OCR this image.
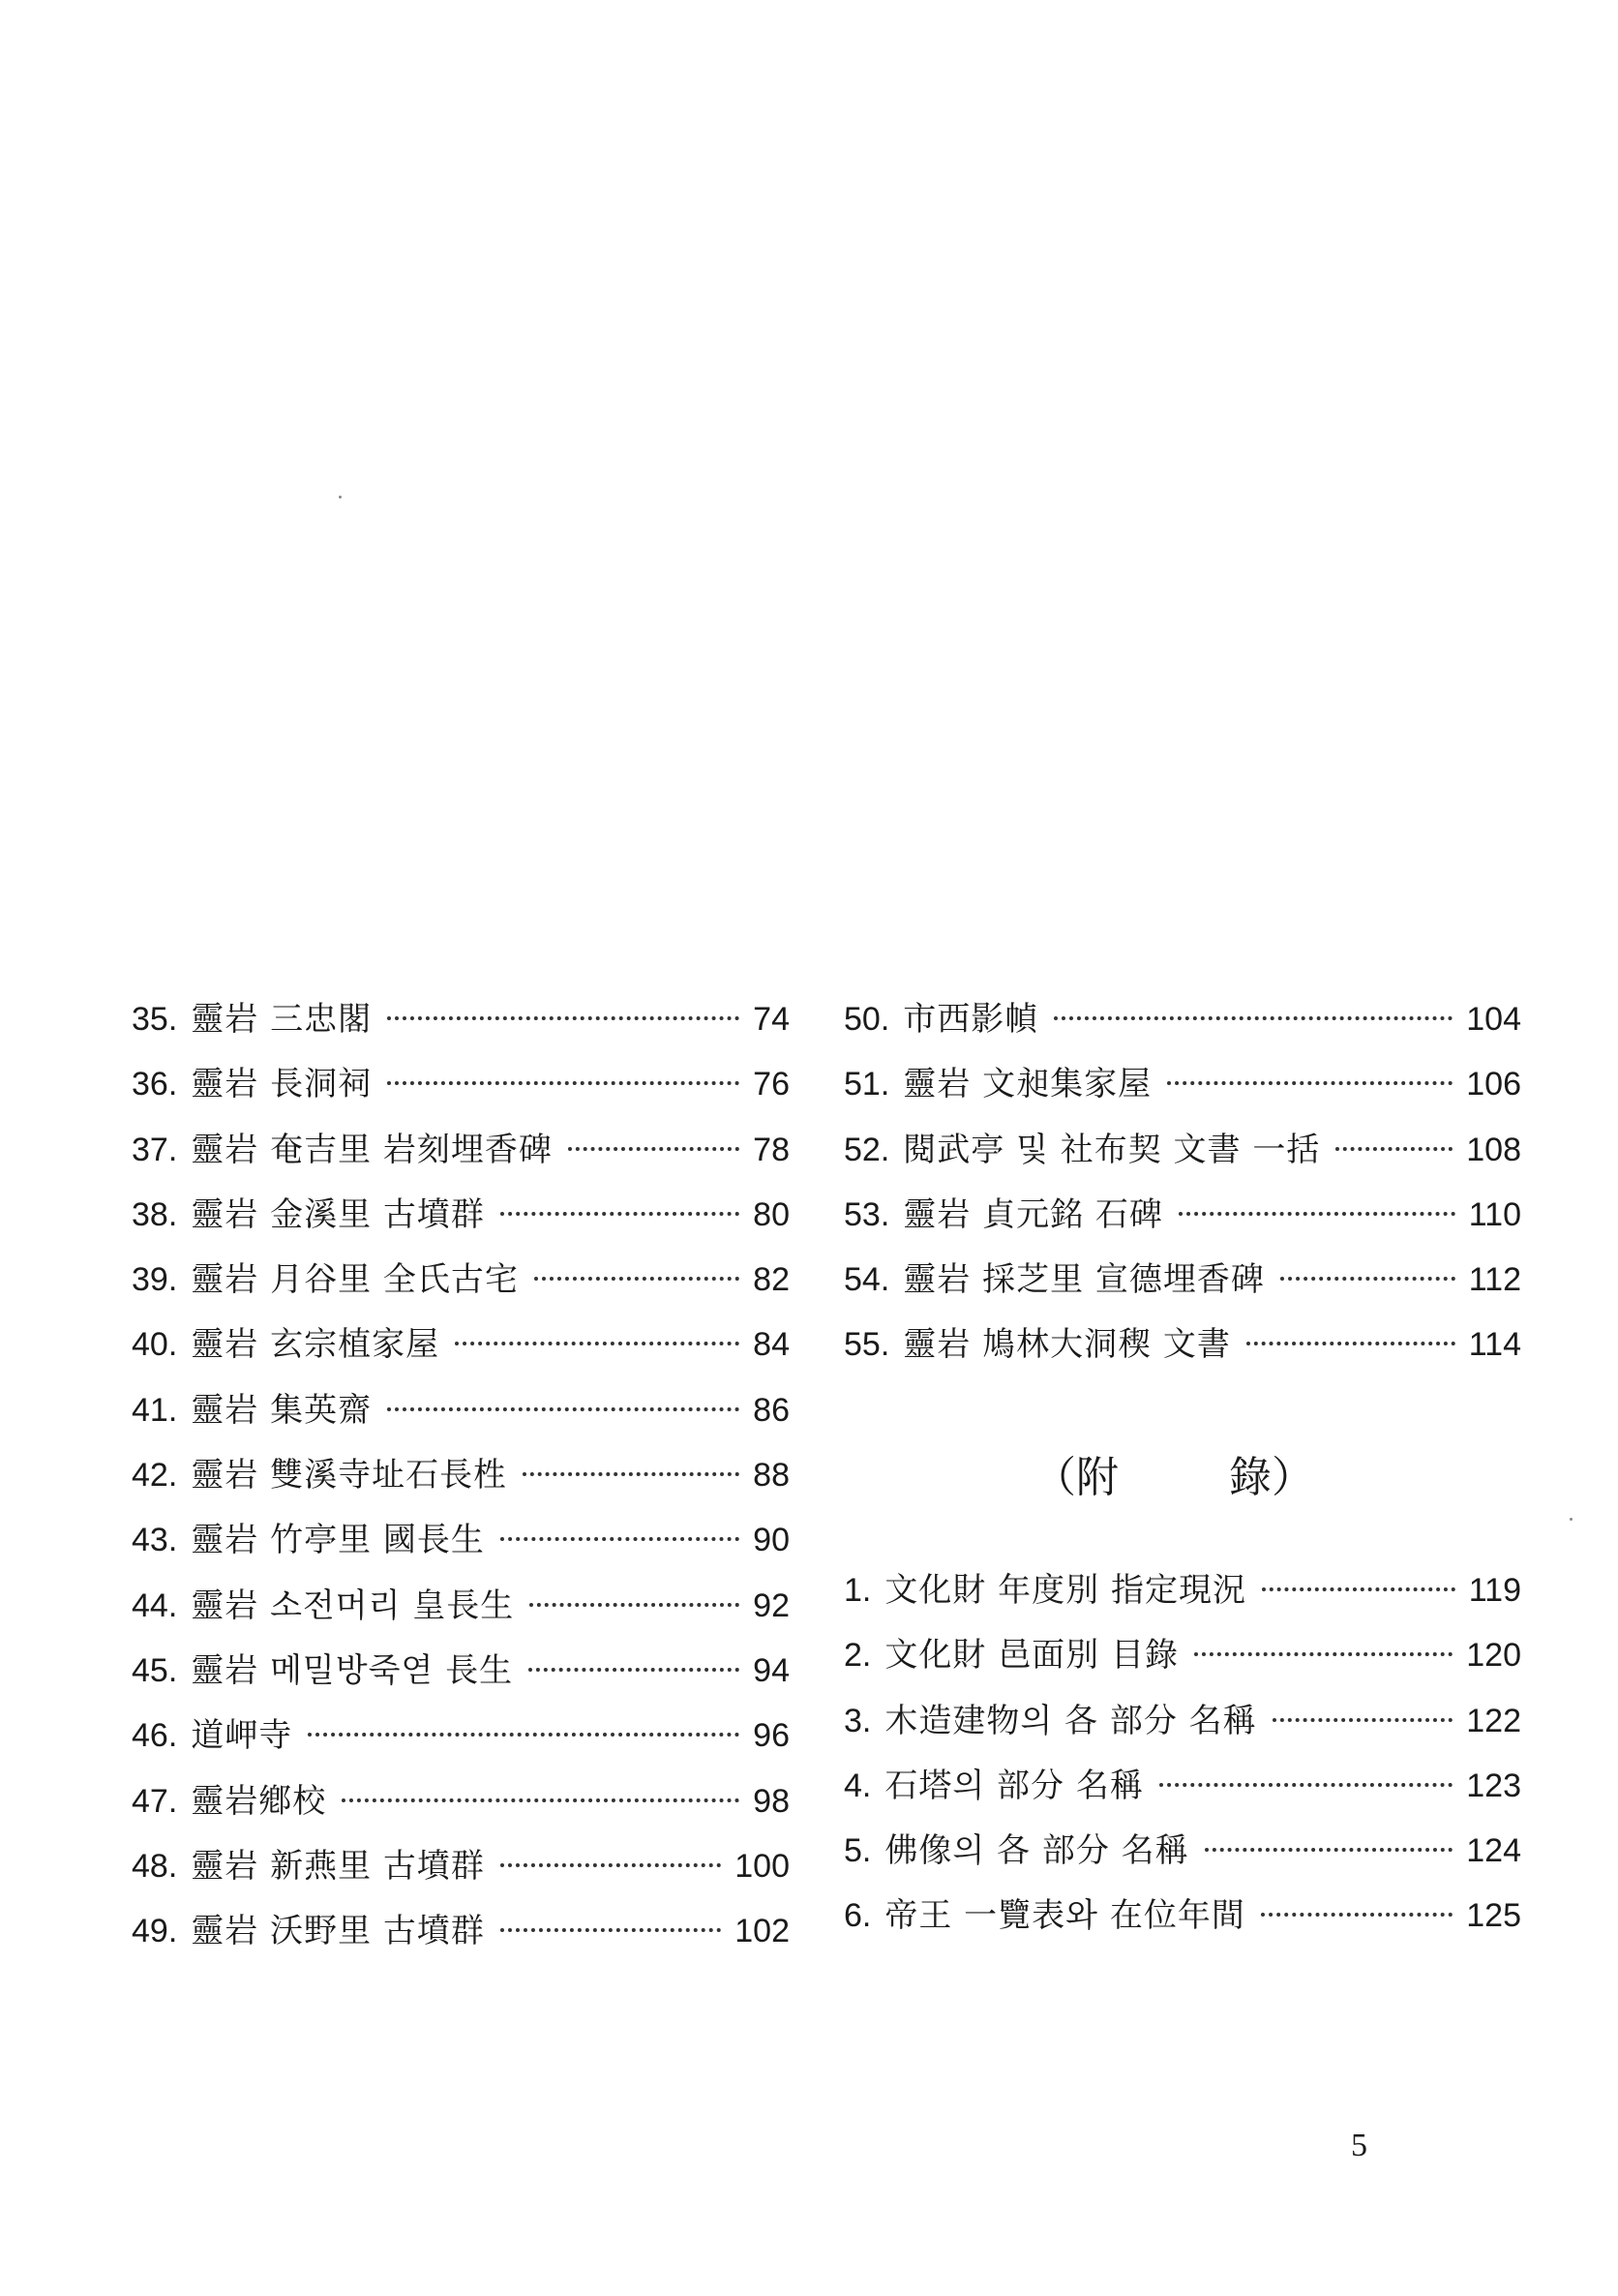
35. 靈岩 三忠閣	74
36. 靈岩 長洞祠	76
37. 靈岩 奄吉里 岩刻埋香碑	78
38. 靈岩 金溪里 古墳群	80
39. 靈岩 月谷里 全氏古宅	82
40. 靈岩 玄宗植家屋	84
41. 靈岩 集英齋	86
42. 靈岩 雙溪寺址石長栍	88
43. 靈岩 竹亭里 國長生	90
44. 靈岩 소전머리 皇長生	92
45. 靈岩 메밀방죽엳 長生	94
46. 道岬寺	96
47. 靈岩鄕校	98
48. 靈岩 新燕里 古墳群	100
49. 靈岩 沃野里 古墳群	102
50. 市西影幀	104
51. 靈岩 文昶集家屋	106
52. 閱武亭 및 社布契 文書 一括	108
53. 靈岩 貞元銘 石碑	110
54. 靈岩 採芝里 宣德埋香碑	112
55. 靈岩 鳩林大洞稧 文書	114
（附	錄）
1. 文化財 年度別 指定現況	119
2. 文化財 邑面別 目錄	120
3. 木造建物의 各 部分 名稱	122
4. 石塔의 部分 名稱	123
5. 佛像의 各 部分 名稱	124
6. 帝王 一覽表와 在位年間	125
5
